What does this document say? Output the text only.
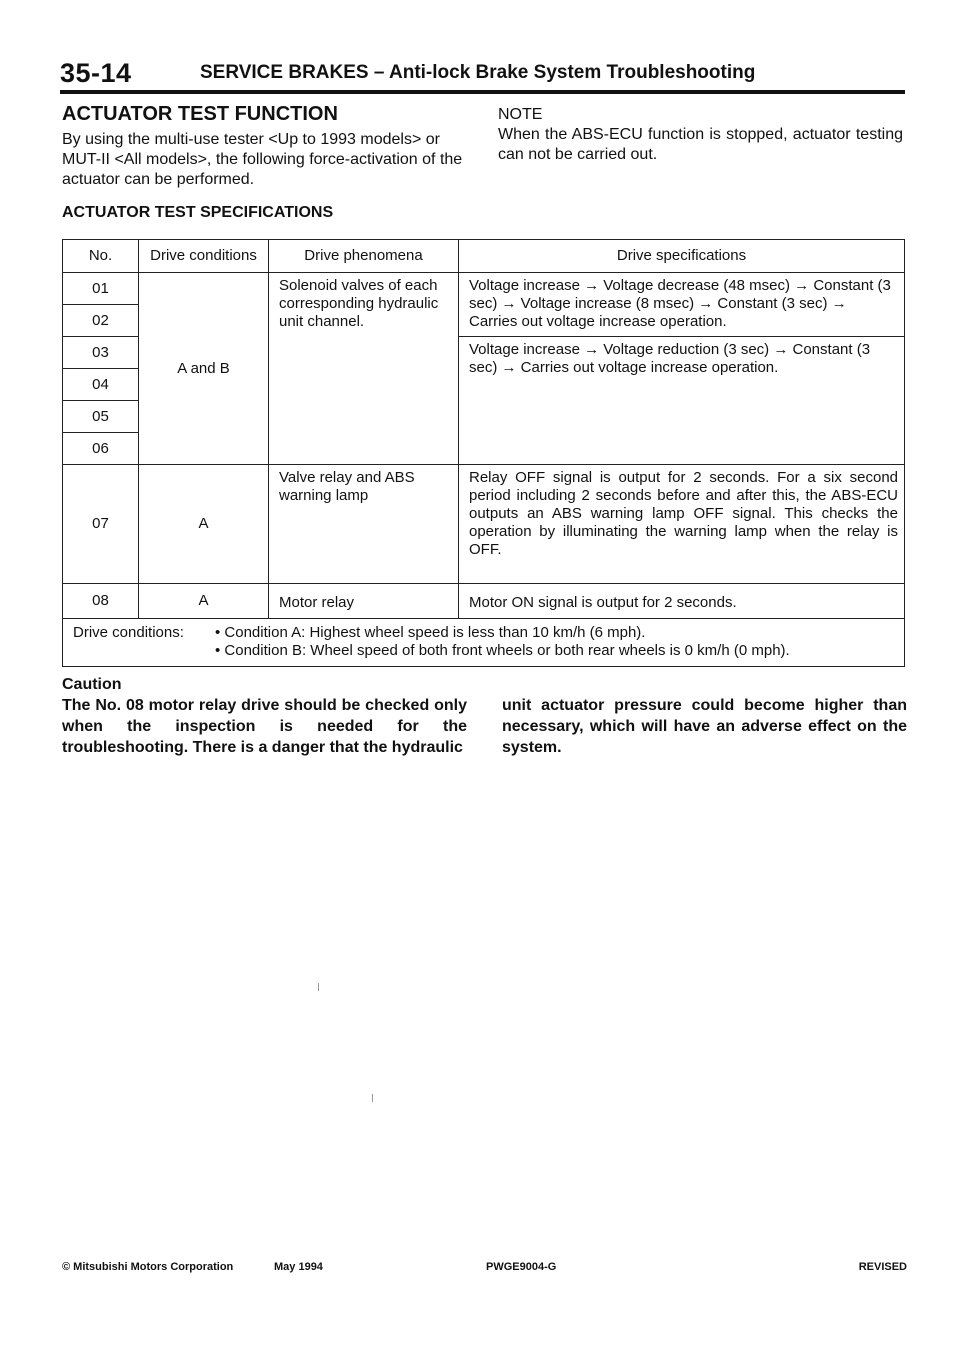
35-14	SERVICE BRAKES – Anti-lock Brake System Troubleshooting
ACTUATOR TEST FUNCTION
By using the multi-use tester <Up to 1993 models> or MUT-II <All models>, the following force-activation of the actuator can be performed.
NOTE
When the ABS-ECU function is stopped, actuator testing can not be carried out.
ACTUATOR TEST SPECIFICATIONS
No.	Drive conditions	Drive phenomena	Drive specifications
01	A and B	Solenoid valves of each corresponding hydraulic unit channel.	Voltage increase → Voltage decrease (48 msec) → Constant (3 sec) → Voltage increase (8 msec) → Constant (3 sec) → Carries out voltage increase operation.
02			
03			Voltage increase → Voltage reduction (3 sec) → Constant (3 sec) → Carries out voltage increase operation.
04			
05			
06			
07	A	Valve relay and ABS warning lamp	Relay OFF signal is output for 2 seconds. For a six second period including 2 seconds before and after this, the ABS-ECU outputs an ABS warning lamp OFF signal. This checks the operation by illuminating the warning lamp when the relay is OFF.
08	A	Motor relay	Motor ON signal is output for 2 seconds.

Drive conditions: • Condition A: Highest wheel speed is less than 10 km/h (6 mph).
• Condition B: Wheel speed of both front wheels or both rear wheels is 0 km/h (0 mph).			
Caution
The No. 08 motor relay drive should be checked only when the inspection is needed for the troubleshooting. There is a danger that the hydraulic
unit actuator pressure could become higher than necessary, which will have an adverse effect on the system.
© Mitsubishi Motors Corporation	May 1994	PWGE9004-G	REVISED
